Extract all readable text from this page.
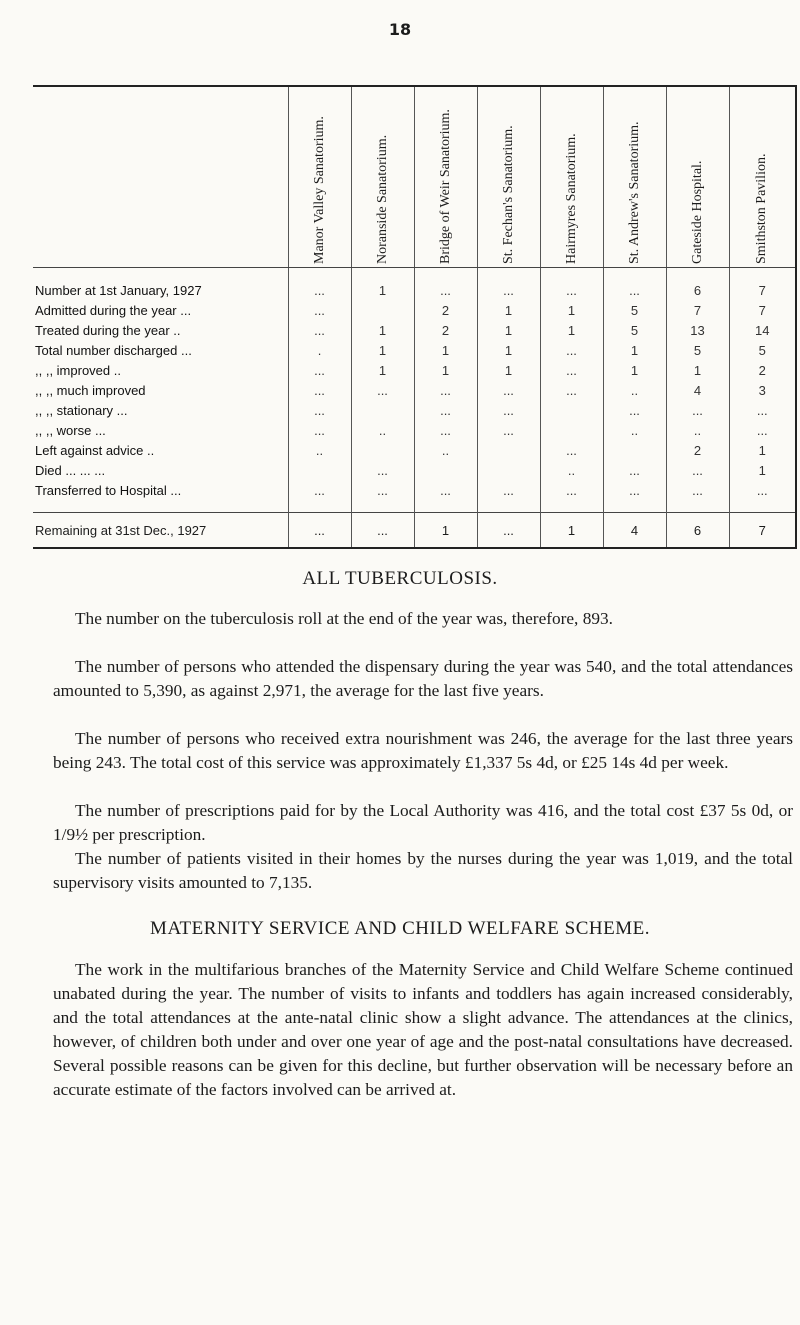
18
	Manor Valley Sanatorium.	Noranside Sanatorium.	Bridge of Weir Sanatorium.	St. Fechan's Sanatorium.	Hairmyres Sanatorium.	St. Andrew's Sanatorium.	Gateside Hospital.	Smithston Pavilion.

Number at 1st January, 1927	...	1	...	...	...	...	6	7
Admitted during the year ...	...		2	1	1	5	7	7
Treated during the year ..	...	1	2	1	1	5	13	14
Total number discharged ...	.	1	1	1	...	1	5	5
,, ,, improved ..	...	1	1	1	...	1	1	2
,, ,, much improved	...	...	...	...	...	..	4	3
,, ,, stationary ...	...		...	...		...	...	...
,, ,, worse ...	...	..	...	...		..	..	...
Left against advice ..	..		..		...		2	1
Died ... ... ...		...			..	...	...	1
Transferred to Hospital ...	...	...	...	...	...	...	...	...

Remaining at 31st Dec., 1927	...	...	1	...	1	4	6	7
ALL TUBERCULOSIS.

The number on the tuberculosis roll at the end of the year was, therefore, 893.

The number of persons who attended the dispensary during the year was 540, and the total attendances amounted to 5,390, as against 2,971, the average for the last five years.

The number of persons who received extra nourishment was 246, the average for the last three years being 243. The total cost of this service was approximately £1,337 5s 4d, or £25 14s 4d per week.

The number of prescriptions paid for by the Local Authority was 416, and the total cost £37 5s 0d, or 1/9½ per prescription.

The number of patients visited in their homes by the nurses during the year was 1,019, and the total supervisory visits amounted to 7,135.

MATERNITY SERVICE AND CHILD WELFARE SCHEME.

The work in the multifarious branches of the Maternity Service and Child Welfare Scheme continued unabated during the year. The number of visits to infants and toddlers has again increased considerably, and the total attendances at the ante-natal clinic show a slight advance. The attendances at the clinics, however, of children both under and over one year of age and the post-natal consultations have decreased. Several possible reasons can be given for this decline, but further observation will be necessary before an accurate estimate of the factors involved can be arrived at.
